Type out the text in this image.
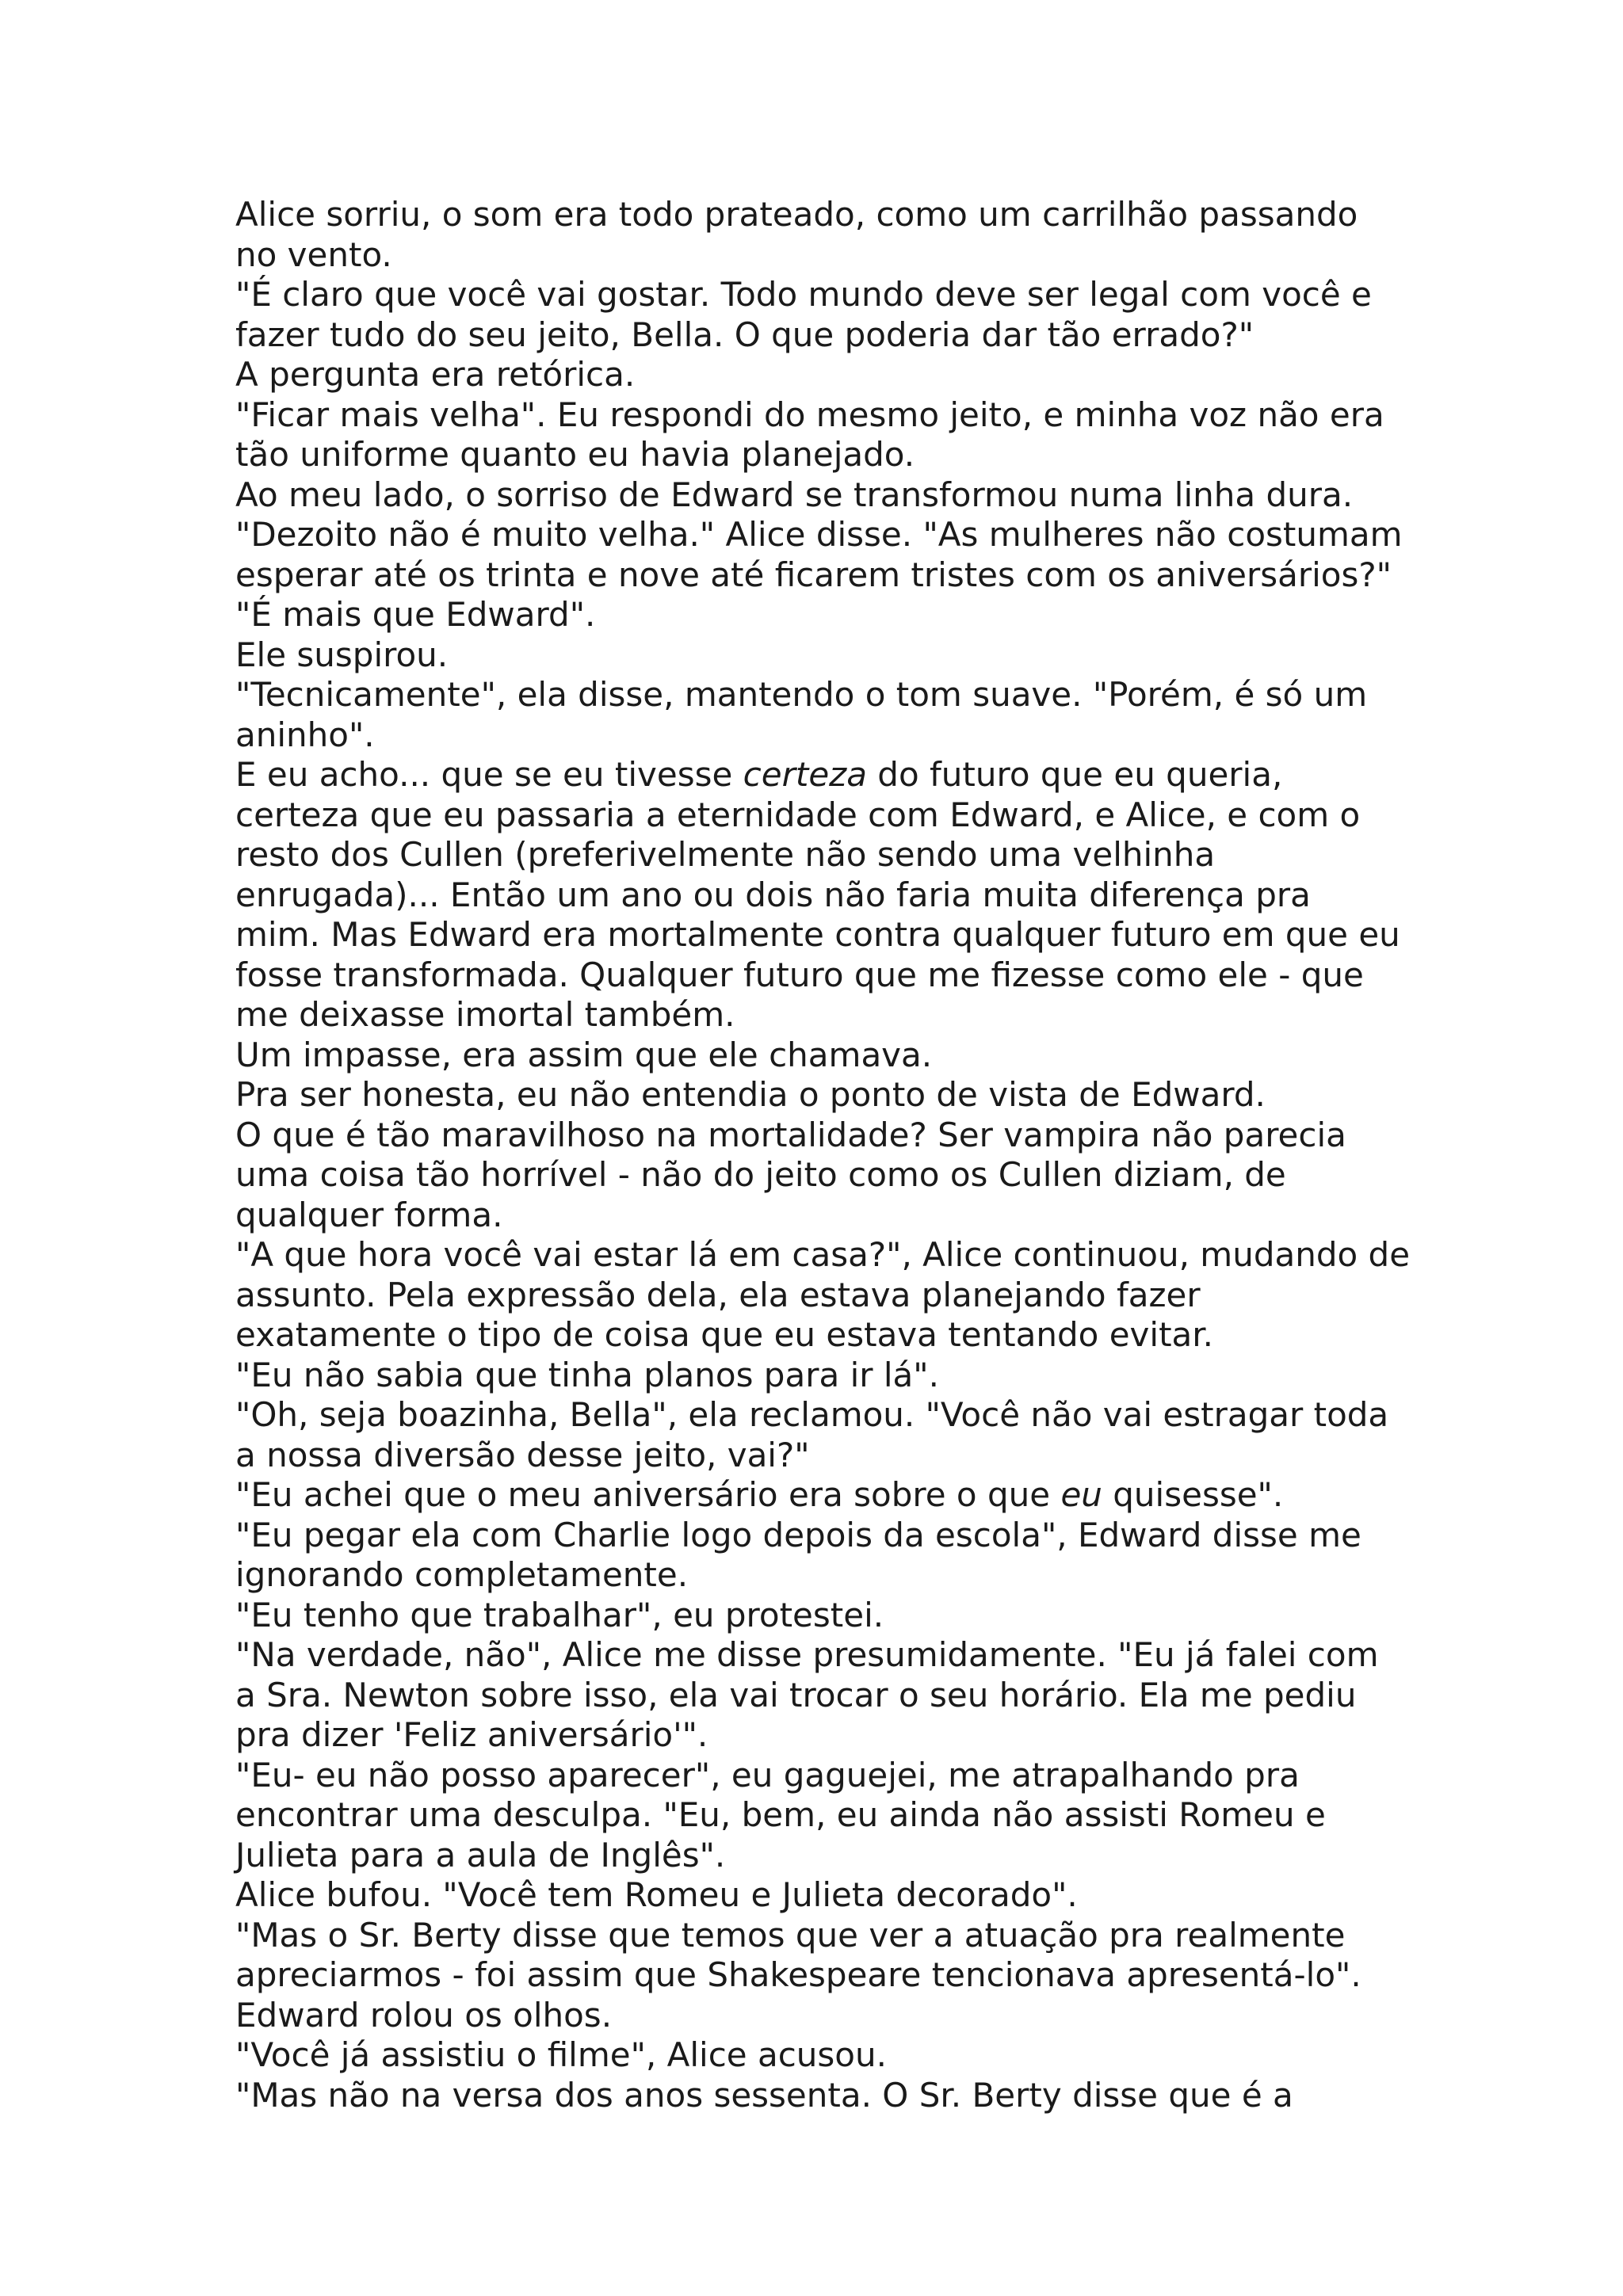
Alice sorriu, o som era todo prateado, como um carrilhão passando
no vento.
"É claro que você vai gostar. Todo mundo deve ser legal com você e
fazer tudo do seu jeito, Bella. O que poderia dar tão errado?"
A pergunta era retórica.
"Ficar mais velha". Eu respondi do mesmo jeito, e minha voz não era
tão uniforme quanto eu havia planejado.
Ao meu lado, o sorriso de Edward se transformou numa linha dura.
"Dezoito não é muito velha." Alice disse. "As mulheres não costumam
esperar até os trinta e nove até ficarem tristes com os aniversários?"
"É mais que Edward".
Ele suspirou.
"Tecnicamente", ela disse, mantendo o tom suave. "Porém, é só um
aninho".
E eu acho... que se eu tivesse certeza do futuro que eu queria,
certeza que eu passaria a eternidade com Edward, e Alice, e com o
resto dos Cullen (preferivelmente não sendo uma velhinha
enrugada)... Então um ano ou dois não faria muita diferença pra
mim. Mas Edward era mortalmente contra qualquer futuro em que eu
fosse transformada. Qualquer futuro que me fizesse como ele - que
me deixasse imortal também.
Um impasse, era assim que ele chamava.
Pra ser honesta, eu não entendia o ponto de vista de Edward.
O que é tão maravilhoso na mortalidade? Ser vampira não parecia
uma coisa tão horrível - não do jeito como os Cullen diziam, de
qualquer forma.
"A que hora você vai estar lá em casa?", Alice continuou, mudando de
assunto. Pela expressão dela, ela estava planejando fazer
exatamente o tipo de coisa que eu estava tentando evitar.
"Eu não sabia que tinha planos para ir lá".
"Oh, seja boazinha, Bella", ela reclamou. "Você não vai estragar toda
a nossa diversão desse jeito, vai?"
"Eu achei que o meu aniversário era sobre o que eu quisesse".
"Eu pegar ela com Charlie logo depois da escola", Edward disse me
ignorando completamente.
"Eu tenho que trabalhar", eu protestei.
"Na verdade, não", Alice me disse presumidamente. "Eu já falei com
a Sra. Newton sobre isso, ela vai trocar o seu horário. Ela me pediu
pra dizer 'Feliz aniversário'".
"Eu- eu não posso aparecer", eu gaguejei, me atrapalhando pra
encontrar uma desculpa. "Eu, bem, eu ainda não assisti Romeu e
Julieta para a aula de Inglês".
Alice bufou. "Você tem Romeu e Julieta decorado".
"Mas o Sr. Berty disse que temos que ver a atuação pra realmente
apreciarmos - foi assim que Shakespeare tencionava apresentá-lo".
Edward rolou os olhos.
"Você já assistiu o filme", Alice acusou.
"Mas não na versa dos anos sessenta. O Sr. Berty disse que é a
